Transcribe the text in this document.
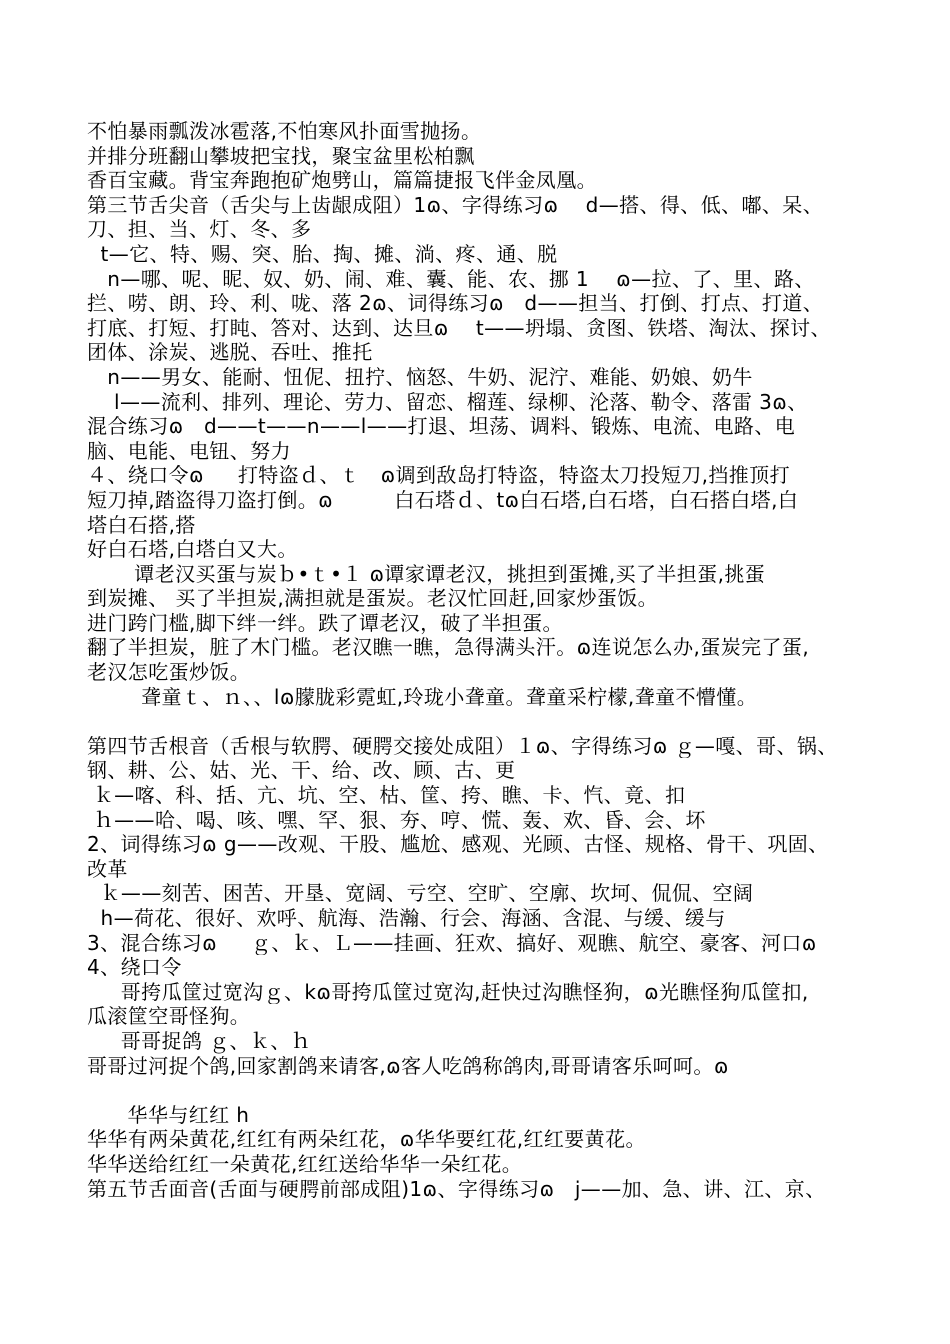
不怕暴雨瓢泼冰雹落,不怕寒风扑面雪抛扬。
并排分班翻山攀坡把宝找，聚宝盆里松柏飘
香百宝藏。背宝奔跑抱矿炮劈山，篇篇捷报飞伴金凤凰。
第三节舌尖音（舌尖与上齿龈成阻）1ɷ、字得练习ɷ　 d—搭、得、低、嘟、呆、
刀、担、当、灯、冬、多
t—它、特、赐、突、胎、掏、摊、淌、疼、通、脱
n—哪、呢、昵、奴、奶、闹、难、囊、能、农、挪 1 　ɷ—拉、了、里、路、
拦、唠、朗、玲、利、咙、落 2ɷ、词得练习ɷ　d——担当、打倒、打点、打道、
打底、打短、打盹、答对、达到、达旦ɷ　 t——坍塌、贪图、铁塔、淘汰、探讨、
团体、涂炭、逃脱、吞吐、推托
n——男女、能耐、忸伲、扭拧、恼怒、牛奶、泥泞、难能、奶娘、奶牛
l——流利、排列、理论、劳力、留恋、榴莲、绿柳、沦落、勒令、落雷 3ɷ、
混合练习ɷ　d——t——n——l——打退、坦荡、调料、锻炼、电流、电路、电
脑、电能、电钮、努力
４、绕口令ɷ　  打特盗ｄ、ｔ　ɷ调到敌岛打特盗，特盗太刀投短刀,挡推顶打
短刀掉,踏盗得刀盗打倒。ɷ　　　白石塔ｄ、tɷ白石塔,白石塔，白石搭白塔,白
塔白石搭,搭
好白石塔,白塔白又大。
谭老汉买蛋与炭ｂ•ｔ•１ ɷ谭家谭老汉，挑担到蛋摊,买了半担蛋,挑蛋
到炭摊、 买了半担炭,满担就是蛋炭。老汉忙回赶,回家炒蛋饭。
进门跨门槛,脚下绊一绊。跌了谭老汉，破了半担蛋。
翻了半担炭，脏了木门槛。老汉瞧一瞧，急得满头汗。ɷ连说怎么办,蛋炭完了蛋,
老汉怎吃蛋炒饭。
聋童ｔ、ｎ、、lɷ朦胧彩霓虹,玲珑小聋童。聋童采柠檬,聋童不懵懂。
第四节舌根音（舌根与软腭、硬腭交接处成阻）１ɷ、字得练习ɷ ｇ—嘎、哥、锅、
钢、耕、公、姑、光、干、给、改、顾、古、更
ｋ—喀、科、括、亢、坑、空、枯、筐、挎、瞧、卡、忾、竟、扣
ｈ——哈、喝、咳、嘿、罕、狠、夯、哼、慌、轰、欢、昏、会、坏
2、词得练习ɷ g——改观、干股、尴尬、感观、光顾、古怪、规格、骨干、巩固、
改革
ｋ——刻苦、困苦、开垦、宽阔、亏空、空旷、空廓、坎坷、侃侃、空阔
h—荷花、很好、欢呼、航海、浩瀚、行会、海涵、含混、与缓、缓与
3、混合练习ɷ　  ｇ、ｋ、Ｌ——挂画、狂欢、搞好、观瞧、航空、豪客、河口ɷ
4、绕口令
哥挎瓜筐过宽沟ｇ、kɷ哥挎瓜筐过宽沟,赶快过沟瞧怪狗，ɷ光瞧怪狗瓜筐扣,
瓜滚筐空哥怪狗。
哥哥捉鸽 ｇ、ｋ、ｈ
哥哥过河捉个鸽,回家割鸽来请客,ɷ客人吃鸽称鸽肉,哥哥请客乐呵呵。ɷ
华华与红红 h
华华有两朵黄花,红红有两朵红花，ɷ华华要红花,红红要黄花。
华华送给红红一朵黄花,红红送给华华一朵红花。
第五节舌面音(舌面与硬腭前部成阻)1ɷ、字得练习ɷ　j——加、急、讲、江、京、
